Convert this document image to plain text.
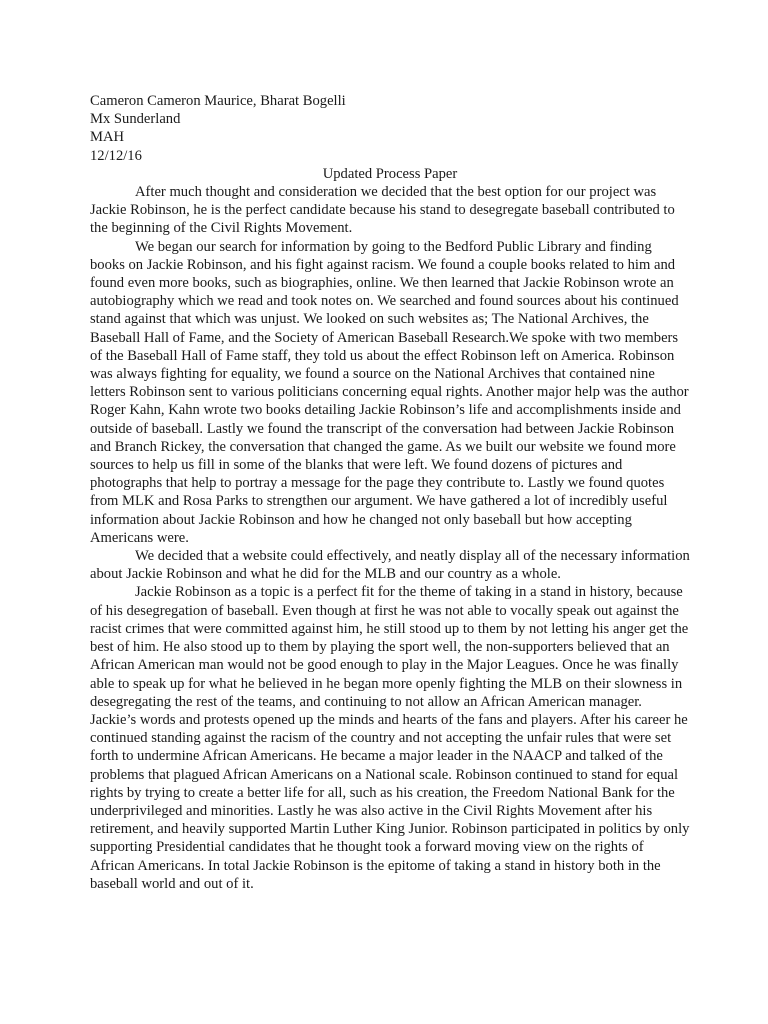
Cameron Cameron Maurice, Bharat Bogelli

Mx Sunderland

MAH

12/12/16

Updated Process Paper

After much thought and consideration we decided that the best option for our project was Jackie Robinson, he is the perfect candidate because his stand to desegregate baseball contributed to the beginning of the Civil Rights Movement.

We began our search for information by going to the Bedford Public Library and finding books on Jackie Robinson, and his fight against racism. We found a couple books related to him and found even more books, such as biographies, online. We then learned that Jackie Robinson wrote an autobiography which we read and took notes on. We searched and found sources about his continued stand against that which was unjust. We looked on such websites as; The National Archives, the Baseball Hall of Fame, and the Society of American Baseball Research.We spoke with two members of the Baseball Hall of Fame staff, they told us about the effect Robinson left on America. Robinson was always fighting for equality, we found a source on the National Archives that contained nine letters Robinson sent to various politicians concerning equal rights. Another major help was the author Roger Kahn, Kahn wrote two books detailing Jackie Robinson’s life and accomplishments inside and outside of baseball. Lastly we found the transcript of the conversation had between Jackie Robinson and Branch Rickey, the conversation that changed the game. As we built our website we found more sources to help us fill in some of the blanks that were left. We found dozens of pictures and photographs that help to portray a message for the page they contribute to. Lastly we found quotes from MLK and Rosa Parks to strengthen our argument. We have gathered a lot of incredibly useful information about Jackie Robinson and how he changed not only baseball but how accepting Americans were.

We decided that a website could effectively, and neatly display all of the necessary information about Jackie Robinson and what he did for the MLB and our country as a whole.

Jackie Robinson as a topic is a perfect fit for the theme of taking in a stand in history, because of his desegregation of baseball. Even though at first he was not able to vocally speak out against the racist crimes that were committed against him, he still stood up to them by not letting his anger get the best of him. He also stood up to them by playing the sport well, the non-supporters believed that an African American man would not be good enough to play in the Major Leagues. Once he was finally able to speak up for what he believed in he began more openly fighting the MLB on their slowness in desegregating the rest of the teams, and continuing to not allow an African American manager. Jackie’s words and protests opened up the minds and hearts of the fans and players. After his career he continued standing against the racism of the country and not accepting the unfair rules that were set forth to undermine African Americans. He became a major leader in the NAACP and talked of the problems that plagued African Americans on a National scale. Robinson continued to stand for equal rights by trying to create a better life for all, such as his creation, the Freedom National Bank for the underprivileged and minorities. Lastly he was also active in the Civil Rights Movement after his retirement, and heavily supported Martin Luther King Junior. Robinson participated in politics by only supporting Presidential candidates that he thought took a forward moving view on the rights of African Americans. In total Jackie Robinson is the epitome of taking a stand in history both in the baseball world and out of it.
